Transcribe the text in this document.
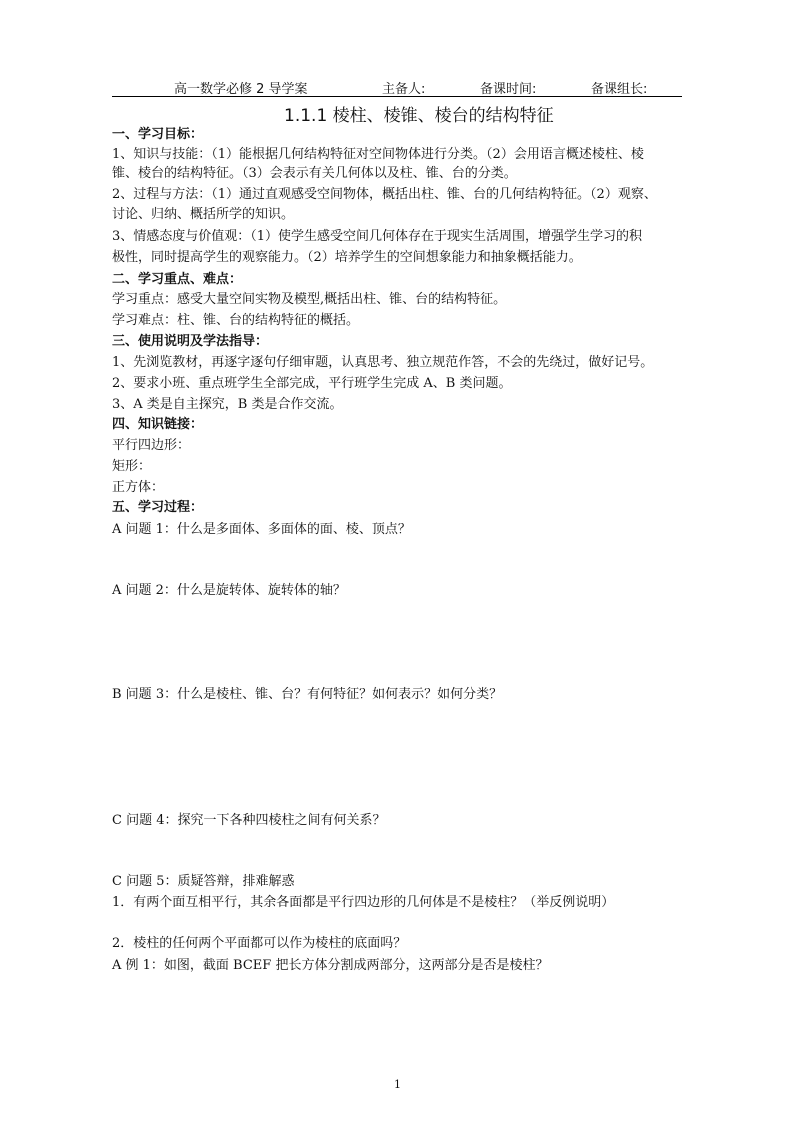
高一数学必修 2 导学案	主备人:	备课时间:	备课组长:
1.1.1 棱柱、棱锥、棱台的结构特征
一、学习目标：
1、知识与技能：（1）能根据几何结构特征对空间物体进行分类。（2）会用语言概述棱柱、棱
锥、棱台的结构特征。（3）会表示有关几何体以及柱、锥、台的分类。
2、过程与方法：（1）通过直观感受空间物体，概括出柱、锥、台的几何结构特征。（2）观察、
讨论、归纳、概括所学的知识。
3、情感态度与价值观：（1）使学生感受空间几何体存在于现实生活周围，增强学生学习的积
极性，同时提高学生的观察能力。（2）培养学生的空间想象能力和抽象概括能力。
二、学习重点、难点：
学习重点：感受大量空间实物及模型,概括出柱、锥、台的结构特征。
学习难点：柱、锥、台的结构特征的概括。
三、使用说明及学法指导：
1、先浏览教材，再逐字逐句仔细审题，认真思考、独立规范作答，不会的先绕过，做好记号。
2、要求小班、重点班学生全部完成，平行班学生完成 A、B 类问题。
3、A 类是自主探究，B 类是合作交流。
四、知识链接：
平行四边形：
矩形：
正方体：
五、学习过程：
A 问题 1：什么是多面体、多面体的面、棱、顶点？
A 问题 2：什么是旋转体、旋转体的轴？
B 问题 3：什么是棱柱、锥、台？有何特征？如何表示？如何分类？
C 问题 4：探究一下各种四棱柱之间有何关系？
C 问题 5：质疑答辩，排难解惑
1．有两个面互相平行，其余各面都是平行四边形的几何体是不是棱柱？（举反例说明）
2．棱柱的任何两个平面都可以作为棱柱的底面吗？
A 例 1：如图，截面 BCEF 把长方体分割成两部分，这两部分是否是棱柱？
1
